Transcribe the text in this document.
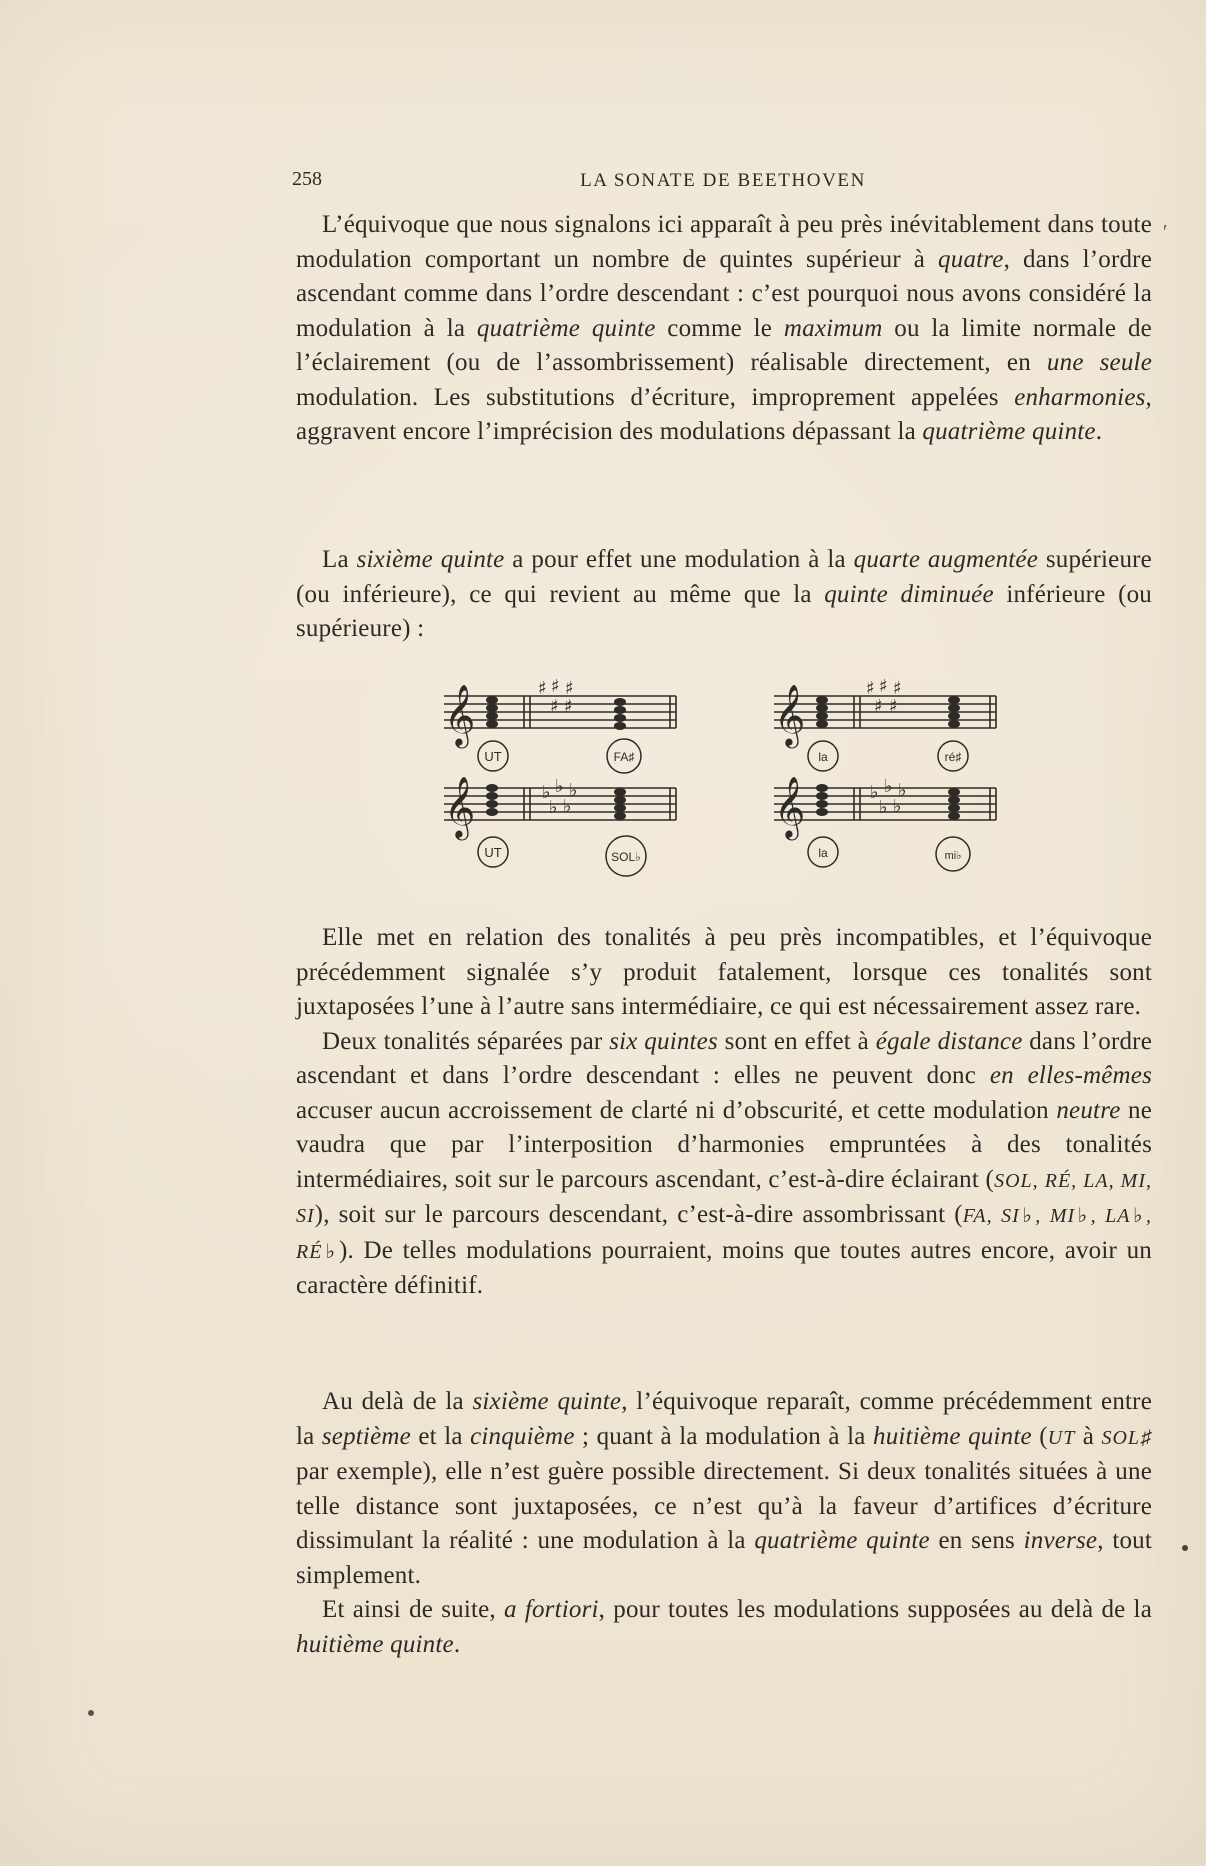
258	LA SONATE DE BEETHOVEN

L’équivoque que nous signalons ici apparaît à peu près inévitablement dans toute modulation comportant un nombre de quintes supérieur à quatre, dans l’ordre ascendant comme dans l’ordre descendant : c’est pourquoi nous avons considéré la modulation à la quatrième quinte comme le maximum ou la limite normale de l’éclairement (ou de l’assombrissement) réalisable directement, en une seule modulation. Les substitutions d’écriture, improprement appelées enharmonies, aggravent encore l’imprécision des modulations dépassant la quatrième quinte.

La sixième quinte a pour effet une modulation à la quarte augmentée supérieure (ou inférieure), ce qui revient au même que la quinte diminuée inférieure (ou supérieure) :

𝄞
𝄞
𝄞
𝄞
♯ ♯ ♯
♯ ♯
♭ ♭ ♭
♭ ♭
♯ ♯ ♯
♯ ♯
♭ ♭ ♭
♭ ♭
UT	FA♯
UT	SOL♭
la	ré♯
la	mi♭

Elle met en relation des tonalités à peu près incompatibles, et l’équivoque précédemment signalée s’y produit fatalement, lorsque ces tonalités sont juxtaposées l’une à l’autre sans intermédiaire, ce qui est nécessairement assez rare.

Deux tonalités séparées par six quintes sont en effet à égale distance dans l’ordre ascendant et dans l’ordre descendant : elles ne peuvent donc en elles-mêmes accuser aucun accroissement de clarté ni d’obscurité, et cette modulation neutre ne vaudra que par l’interposition d’harmonies empruntées à des tonalités intermédiaires, soit sur le parcours ascendant, c’est-à-dire éclairant (SOL, RÉ, LA, MI, SI), soit sur le parcours descendant, c’est-à-dire assombrissant (FA, SI♭, MI♭, LA♭, RÉ♭). De telles modulations pourraient, moins que toutes autres encore, avoir un caractère définitif.

Au delà de la sixième quinte, l’équivoque reparaît, comme précédemment entre la septième et la cinquième ; quant à la modulation à la huitième quinte (UT à SOL♯ par exemple), elle n’est guère possible directement. Si deux tonalités situées à une telle distance sont juxtaposées, ce n’est qu’à la faveur d’artifices d’écriture dissimulant la réalité : une modulation à la quatrième quinte en sens inverse, tout simplement.

Et ainsi de suite, a fortiori, pour toutes les modulations supposées au delà de la huitième quinte.

′
